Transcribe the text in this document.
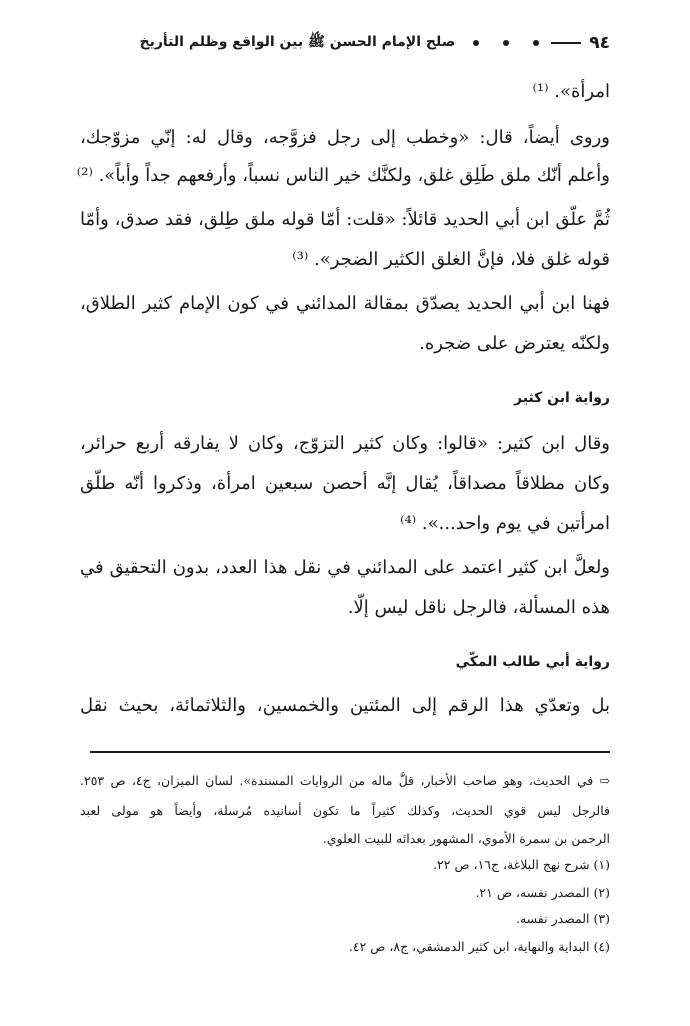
٩٤
صلح الإمام الحسن ﷺ بين الواقع وظلم التأريخ
امرأة». ⁽¹⁾
وروى أيضاً، قال: «وخطب إلى رجل فزوَّجه، وقال له: إنّي مزوّجك،
وأعلم أنّك ملق طَلِق غلق، ولكنَّك خير الناس نسباً، وأرفعهم جداً وأباً». ⁽²⁾
ثُمَّ علّق ابن أبي الحديد قائلاً: «قلت: أمّا قوله ملق طِلق، فقد صدق، وأمّا
قوله غلق فلا، فإنَّ الغلق الكثير الضجر». ⁽³⁾
فهنا ابن أبي الحديد يصدّق بمقالة المدائني في كون الإمام كثير الطلاق،
ولكنّه يعترض على ضجره.
رواية ابن كثير
وقال ابن كثير: «قالوا: وكان كثير التزوّج، وكان لا يفارقه أربع حرائر،
وكان مطلاقاً مصداقاً، يُقال إنَّه أحصن سبعين امرأة، وذكروا أنّه طلّق
امرأتين في يوم واحد...». ⁽⁴⁾
ولعلَّ ابن كثير اعتمد على المدائني في نقل هذا العدد، بدون التحقيق في
هذه المسألة، فالرجل ناقل ليس إلّا.
رواية أبي طالب المكّي
بل وتعدّي هذا الرقم إلى المئتين والخمسين، والثلاثمائة، بحيث نقل
⇨ في الحديث، وهو صاحب الأخبار، قلَّ ماله من الروايات المسندة». لسان الميزان، ج٤، ص ٢٥٣.
فالرجل ليس قوي الحديث، وكذلك كثيراً ما تكون أسانيده مُرسلة، وأيضاً هو مولى لعبد
الرحمن بن سمرة الأموي، المشهور بعدائه للبيت العلوي.
(١) شرح نهج البلاغة، ج١٦، ص ٢٢.
(٢) المصدر نفسه، ص ٢١.
(٣) المصدر نفسه.
(٤) البداية والنهاية، ابن كثير الدمشقي، ج٨، ص ٤٢.
